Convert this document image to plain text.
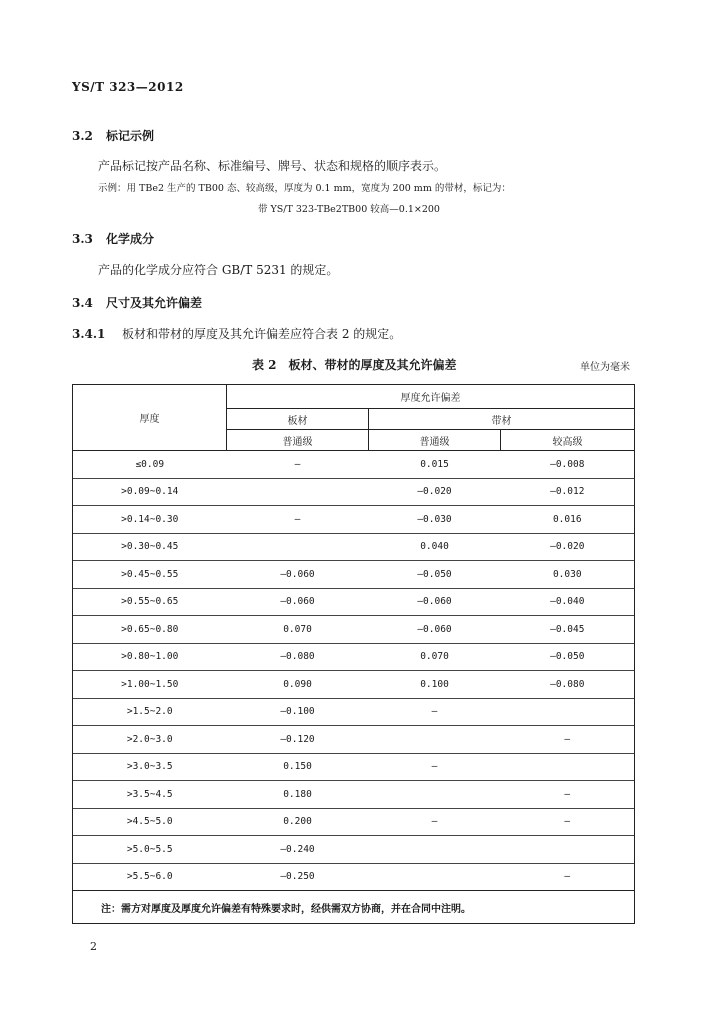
YS/T 323—2012
3.2 标记示例
产品标记按产品名称、标准编号、牌号、状态和规格的顺序表示。
示例：用 TBe2 生产的 TB00 态、较高级，厚度为 0.1 mm，宽度为 200 mm 的带材，标记为：
带 YS/T 323-TBe2TB00 较高—0.1×200
3.3 化学成分
产品的化学成分应符合 GB/T 5231 的规定。
3.4 尺寸及其允许偏差
3.4.1 板材和带材的厚度及其允许偏差应符合表 2 的规定。
表 2　板材、带材的厚度及其允许偏差	单位为毫米
厚度	厚度允许偏差		
	板材	带材	
	普通级	普通级	较高级
≤0.09	—	0.015	—0.008
>0.09~0.14		—0.020	—0.012
>0.14~0.30	—	—0.030	0.016
>0.30~0.45		0.040	—0.020
>0.45~0.55	—0.060	—0.050	0.030
>0.55~0.65	—0.060	—0.060	—0.040
>0.65~0.80	0.070	—0.060	—0.045
>0.80~1.00	—0.080	0.070	—0.050
>1.00~1.50	0.090	0.100	—0.080
>1.5~2.0	—0.100	—	
>2.0~3.0	—0.120		—
>3.0~3.5	0.150	—	
>3.5~4.5	0.180		—
>4.5~5.0	0.200	—	—
>5.0~5.5	—0.240		
>5.5~6.0	—0.250		—
注：需方对厚度及厚度允许偏差有特殊要求时，经供需双方协商，并在合同中注明。			
2
